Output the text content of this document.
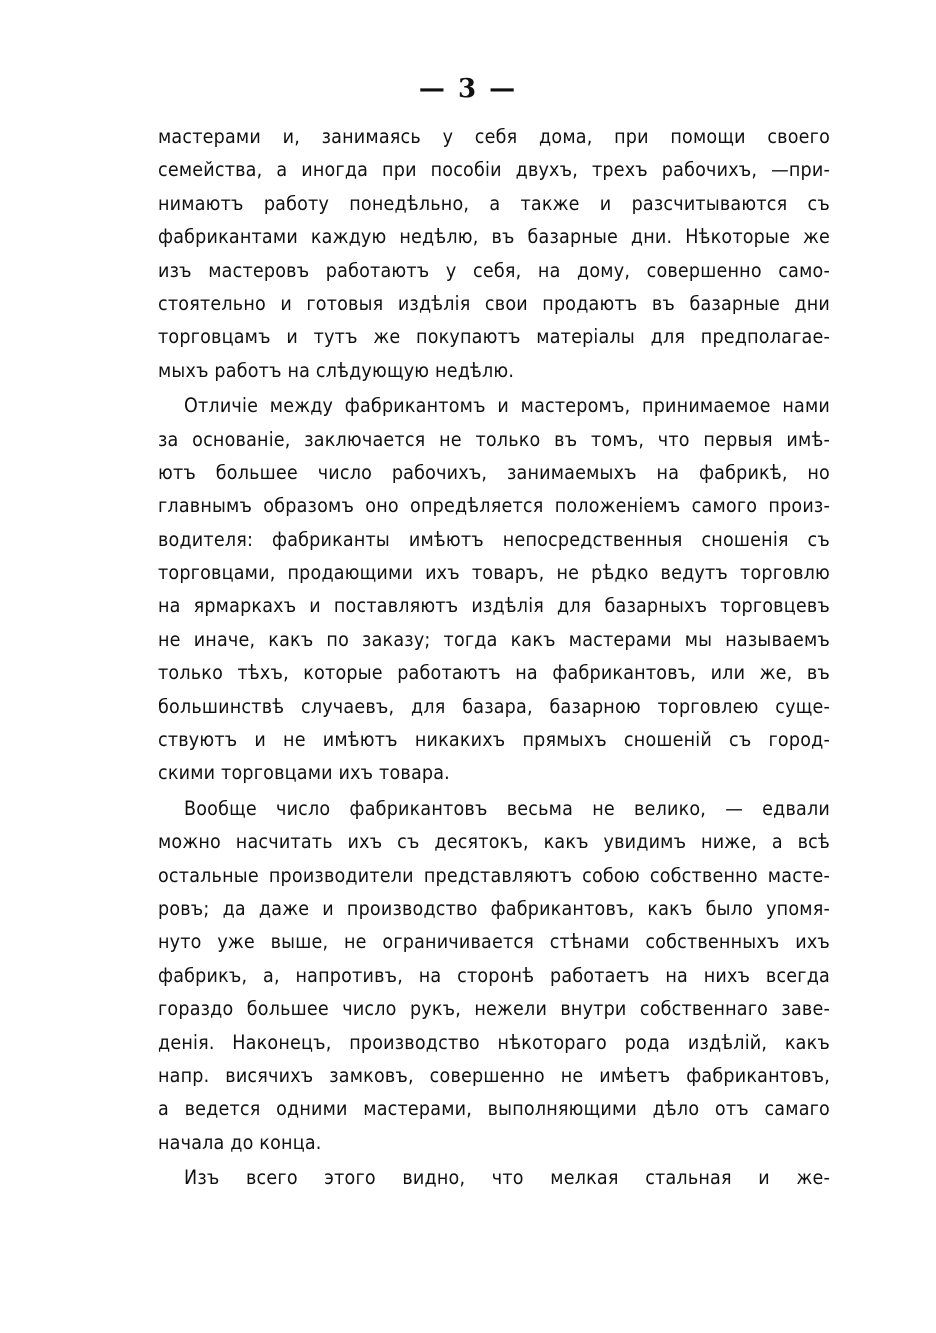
— 3 —
мастерами и, занимаясь у себя дома, при помощи своего
семейства, а иногда при пособіи двухъ, трехъ рабочихъ, —при-
нимаютъ работу понедѣльно, а также и разсчитываются съ
фабрикантами каждую недѣлю, въ базарные дни. Нѣкоторые же
изъ мастеровъ работаютъ у себя, на дому, совершенно само-
стоятельно и готовыя издѣлія свои продаютъ въ базарные дни
торговцамъ и тутъ же покупаютъ матеріалы для предполагае-
мыхъ работъ на слѣдующую недѣлю.
Отличіе между фабрикантомъ и мастеромъ, принимаемое нами
за основаніе, заключается не только въ томъ, что первыя имѣ-
ютъ большее число рабочихъ, занимаемыхъ на фабрикѣ, но
главнымъ образомъ оно опредѣляется положеніемъ самого произ-
водителя: фабриканты имѣютъ непосредственныя сношенія съ
торговцами, продающими ихъ товаръ, не рѣдко ведутъ торговлю
на ярмаркахъ и поставляютъ издѣлія для базарныхъ торговцевъ
не иначе, какъ по заказу; тогда какъ мастерами мы называемъ
только тѣхъ, которые работаютъ на фабрикантовъ, или же, въ
большинствѣ случаевъ, для базара, базарною торговлею суще-
ствуютъ и не имѣютъ никакихъ прямыхъ сношеній съ город-
скими торговцами ихъ товара.
Вообще число фабрикантовъ весьма не велико, — едвали
можно насчитать ихъ съ десятокъ, какъ увидимъ ниже, а всѣ
остальные производители представляютъ собою собственно масте-
ровъ; да даже и производство фабрикантовъ, какъ было упомя-
нуто уже выше, не ограничивается стѣнами собственныхъ ихъ
фабрикъ, а, напротивъ, на сторонѣ работаетъ на нихъ всегда
гораздо большее число рукъ, нежели внутри собственнаго заве-
денія. Наконецъ, производство нѣкотораго рода издѣлій, какъ
напр. висячихъ замковъ, совершенно не имѣетъ фабрикантовъ,
а ведется одними мастерами, выполняющими дѣло отъ самаго
начала до конца.
Изъ всего этого видно, что мелкая стальная и же-
